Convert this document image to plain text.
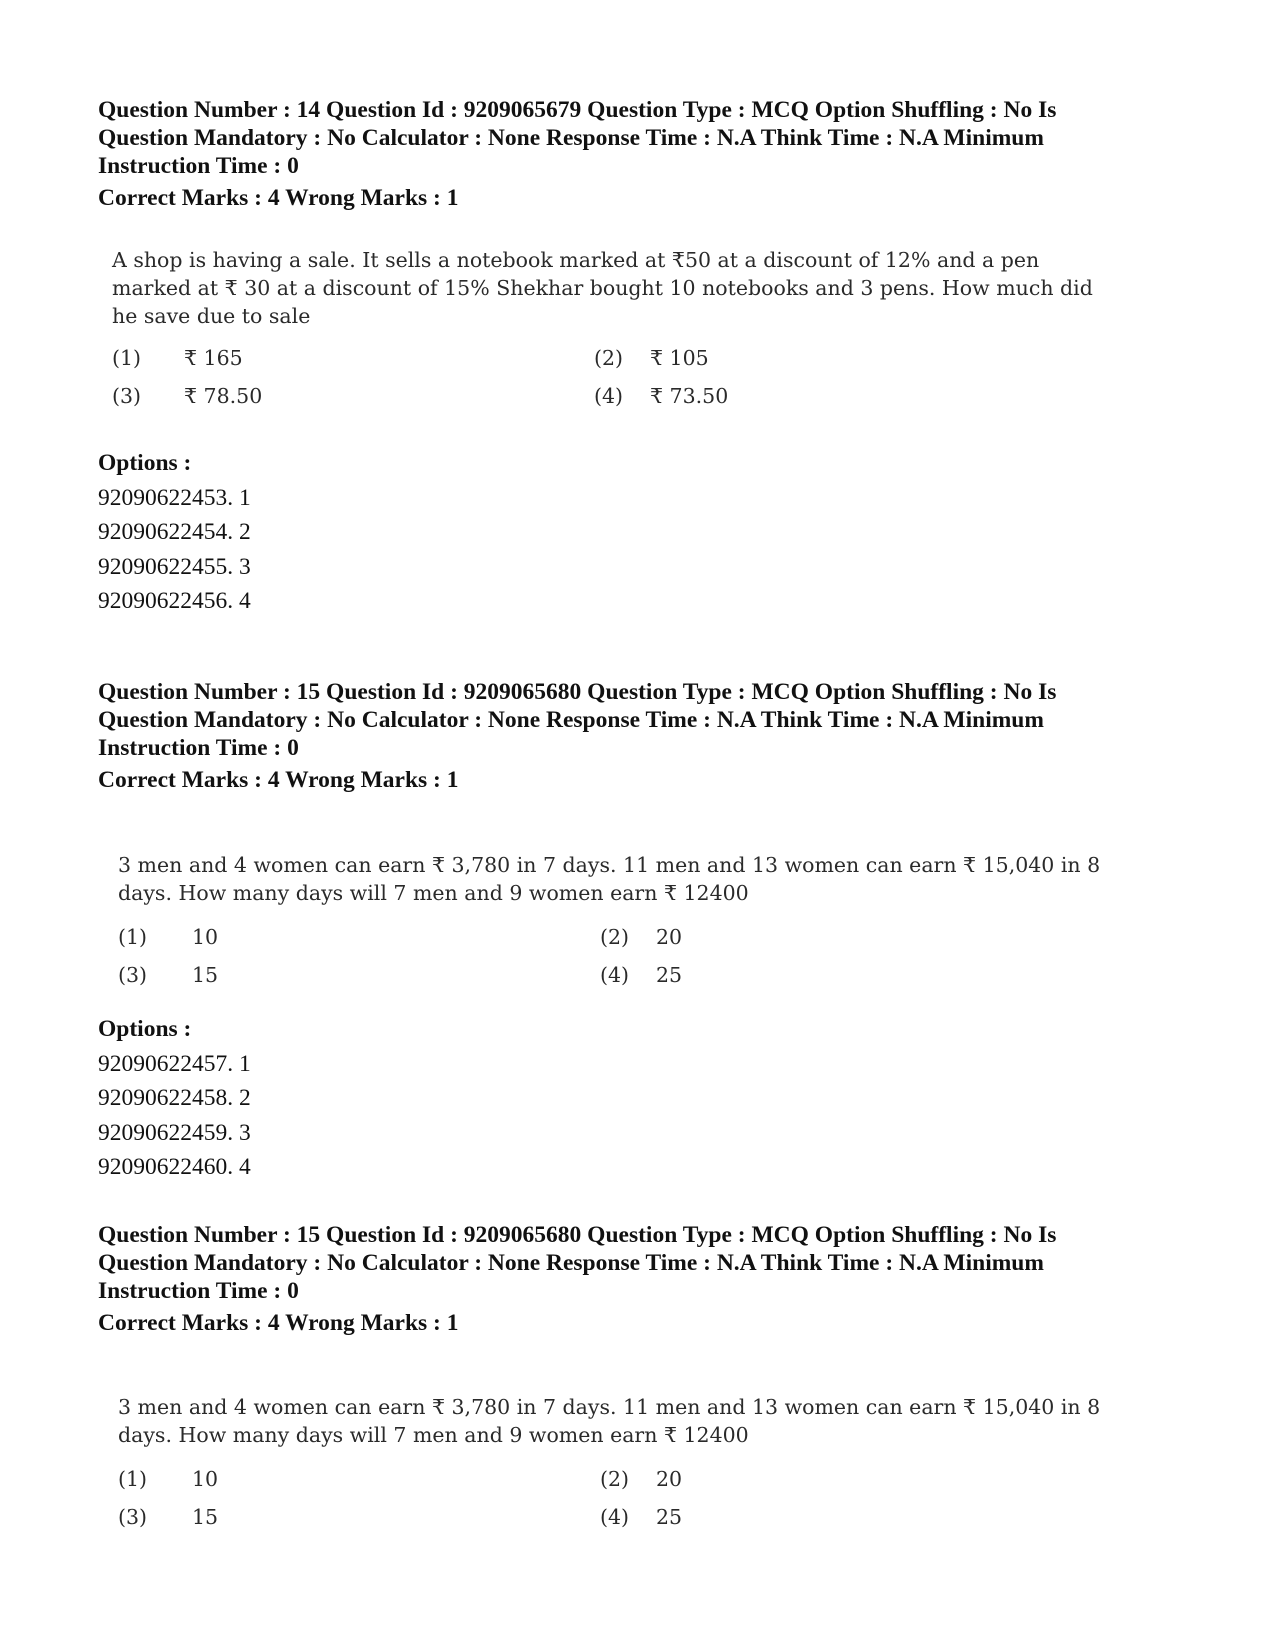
Question Number : 14 Question Id : 9209065679 Question Type : MCQ Option Shuffling : No Is Question Mandatory : No Calculator : None Response Time : N.A Think Time : N.A Minimum Instruction Time : 0

Correct Marks : 4 Wrong Marks : 1

A shop is having a sale. It sells a notebook marked at ₹50 at a discount of 12% and a pen marked at ₹ 30 at a discount of 15% Shekhar bought 10 notebooks and 3 pens. How much did he save due to sale

(1) ₹ 165	(2) ₹ 105
(3) ₹ 78.50	(4) ₹ 73.50
Options :
92090622453. 1
92090622454. 2
92090622455. 3
92090622456. 4

Question Number : 15 Question Id : 9209065680 Question Type : MCQ Option Shuffling : No Is Question Mandatory : No Calculator : None Response Time : N.A Think Time : N.A Minimum Instruction Time : 0

Correct Marks : 4 Wrong Marks : 1

3 men and 4 women can earn ₹ 3,780 in 7 days. 11 men and 13 women can earn ₹ 15,040 in 8 days. How many days will 7 men and 9 women earn ₹ 12400

(1) 10	(2) 20
(3) 15	(4) 25
Options :
92090622457. 1
92090622458. 2
92090622459. 3
92090622460. 4

Question Number : 15 Question Id : 9209065680 Question Type : MCQ Option Shuffling : No Is Question Mandatory : No Calculator : None Response Time : N.A Think Time : N.A Minimum Instruction Time : 0

Correct Marks : 4 Wrong Marks : 1

3 men and 4 women can earn ₹ 3,780 in 7 days. 11 men and 13 women can earn ₹ 15,040 in 8 days. How many days will 7 men and 9 women earn ₹ 12400

(1) 10	(2) 20
(3) 15	(4) 25
